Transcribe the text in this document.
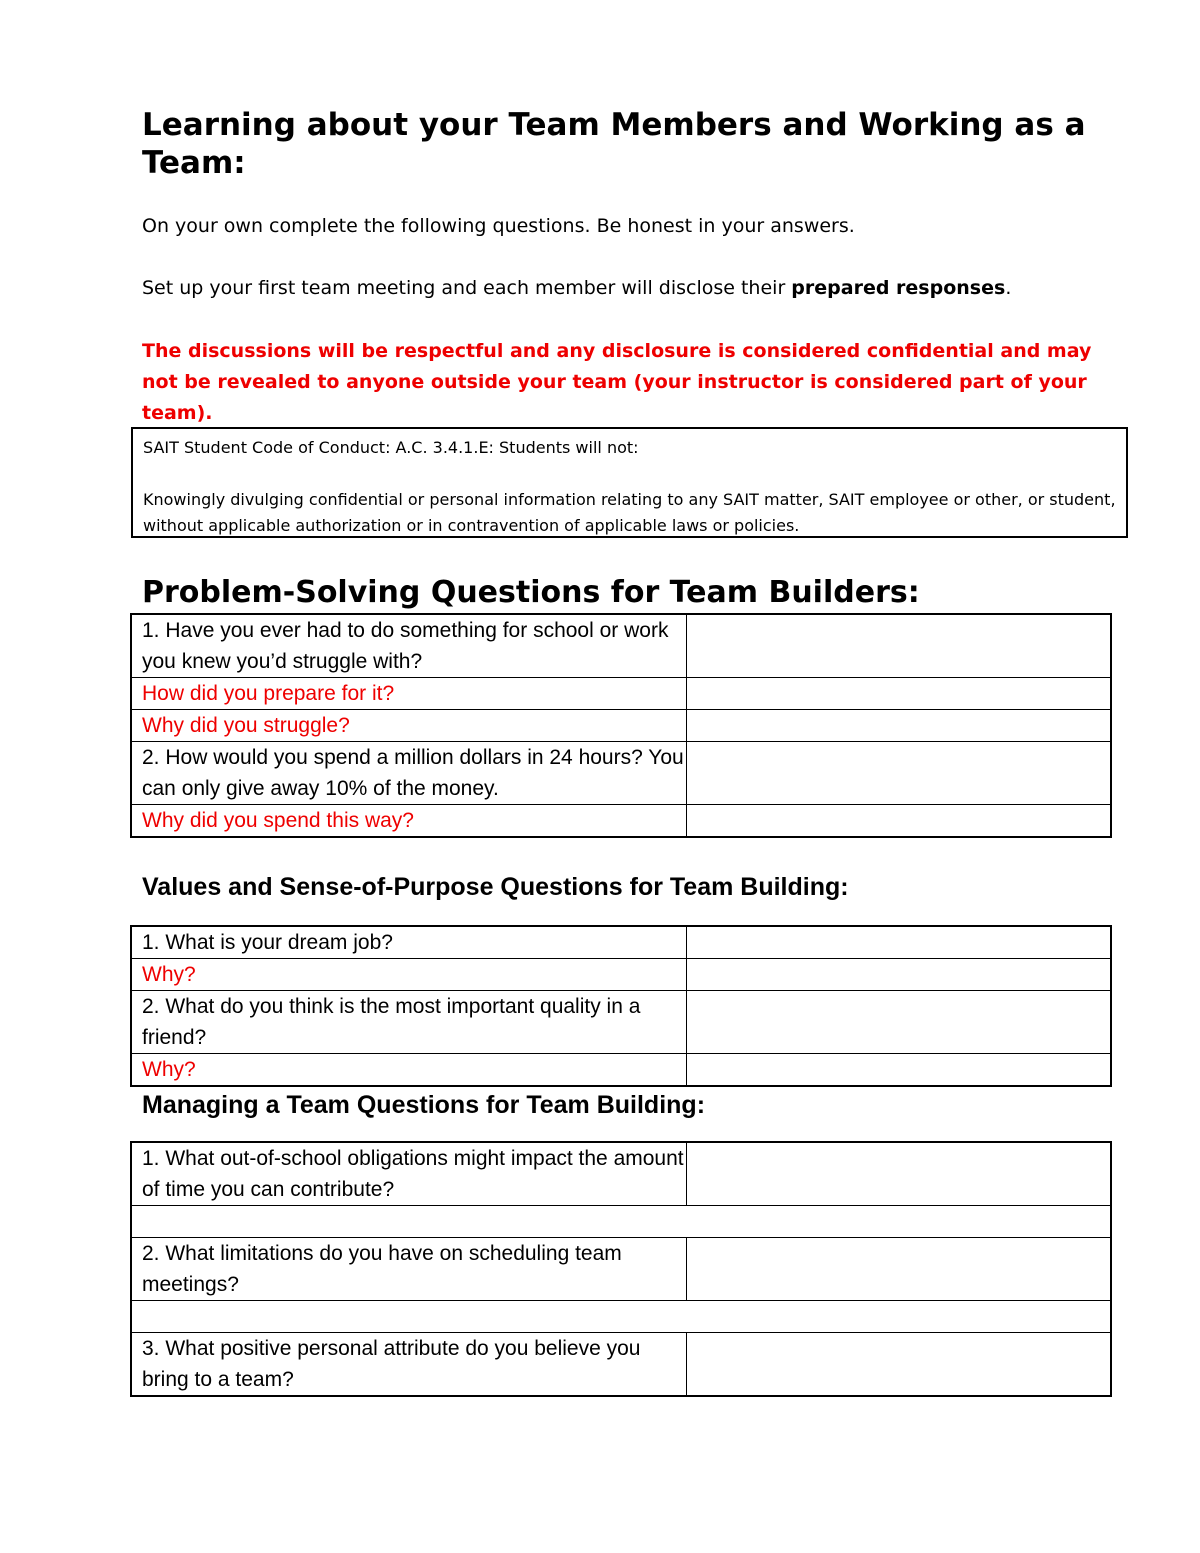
Learning about your Team Members and Working as a Team:

On your own complete the following questions. Be honest in your answers.

Set up your first team meeting and each member will disclose their prepared responses.

The discussions will be respectful and any disclosure is considered confidential and may not be revealed to anyone outside your team (your instructor is considered part of your team).

SAIT Student Code of Conduct: A.C. 3.4.1.E: Students will not:

Knowingly divulging confidential or personal information relating to any SAIT matter, SAIT employee or other, or student, without applicable authorization or in contravention of applicable laws or policies.

Problem-Solving Questions for Team Builders:
1. Have you ever had to do something for school or work you knew you’d struggle with?	
How did you prepare for it?	
Why did you struggle?	
2. How would you spend a million dollars in 24 hours? You can only give away 10% of the money.	
Why did you spend this way?	
Values and Sense-of-Purpose Questions for Team Building:
1. What is your dream job?	
Why?	
2. What do you think is the most important quality in a friend?	
Why?	
Managing a Team Questions for Team Building:
1. What out-of-school obligations might impact the amount of time you can contribute?	

2. What limitations do you have on scheduling team meetings?	

3. What positive personal attribute do you believe you bring to a team?	
